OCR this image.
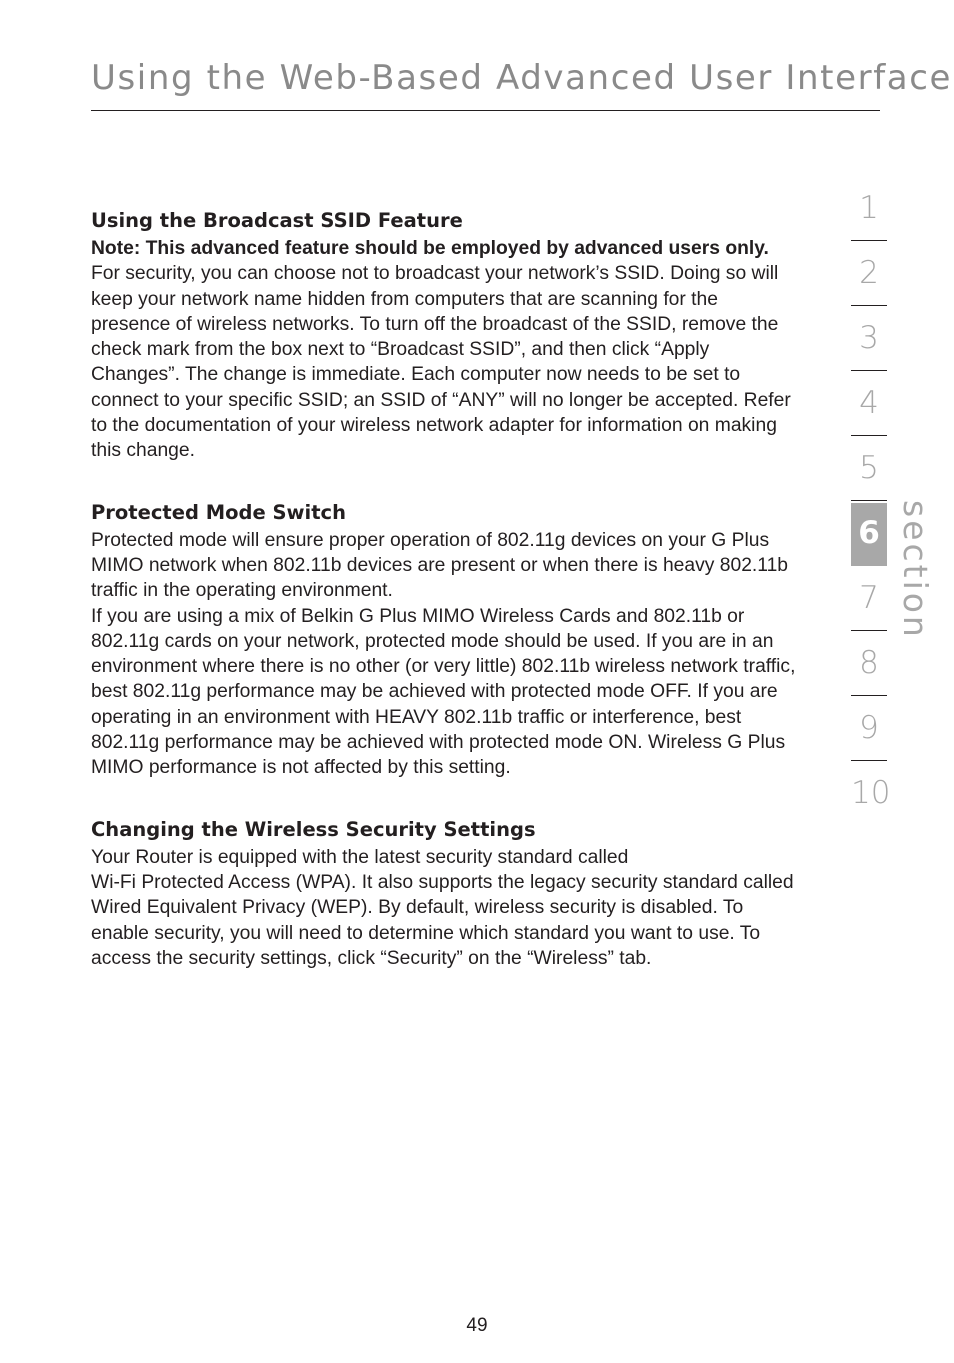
Using the Web-Based Advanced User Interface
Using the Broadcast SSID Feature

Note: This advanced feature should be employed by advanced users only. For security, you can choose not to broadcast your network’s SSID. Doing so will keep your network name hidden from computers that are scanning for the presence of wireless networks. To turn off the broadcast of the SSID, remove the check mark from the box next to “Broadcast SSID”, and then click “Apply Changes”. The change is immediate. Each computer now needs to be set to connect to your specific SSID; an SSID of “ANY” will no longer be accepted. Refer to the documentation of your wireless network adapter for information on making this change.

Protected Mode Switch

Protected mode will ensure proper operation of 802.11g devices on your G Plus MIMO network when 802.11b devices are present or when there is heavy 802.11b traffic in the operating environment.

If you are using a mix of Belkin G Plus MIMO Wireless Cards and 802.11b or 802.11g cards on your network, protected mode should be used. If you are in an environment where there is no other (or very little) 802.11b wireless network traffic, best 802.11g performance may be achieved with protected mode OFF. If you are operating in an environment with HEAVY 802.11b traffic or interference, best 802.11g performance may be achieved with protected mode ON. Wireless G Plus MIMO performance is not affected by this setting.

Changing the Wireless Security Settings

Your Router is equipped with the latest security standard called

Wi-Fi Protected Access (WPA). It also supports the legacy security standard called Wired Equivalent Privacy (WEP). By default, wireless security is disabled. To enable security, you will need to determine which standard you want to use. To access the security settings, click “Security” on the “Wireless” tab.

1
2
3
4
5
6
7
8
9
10
section
49
